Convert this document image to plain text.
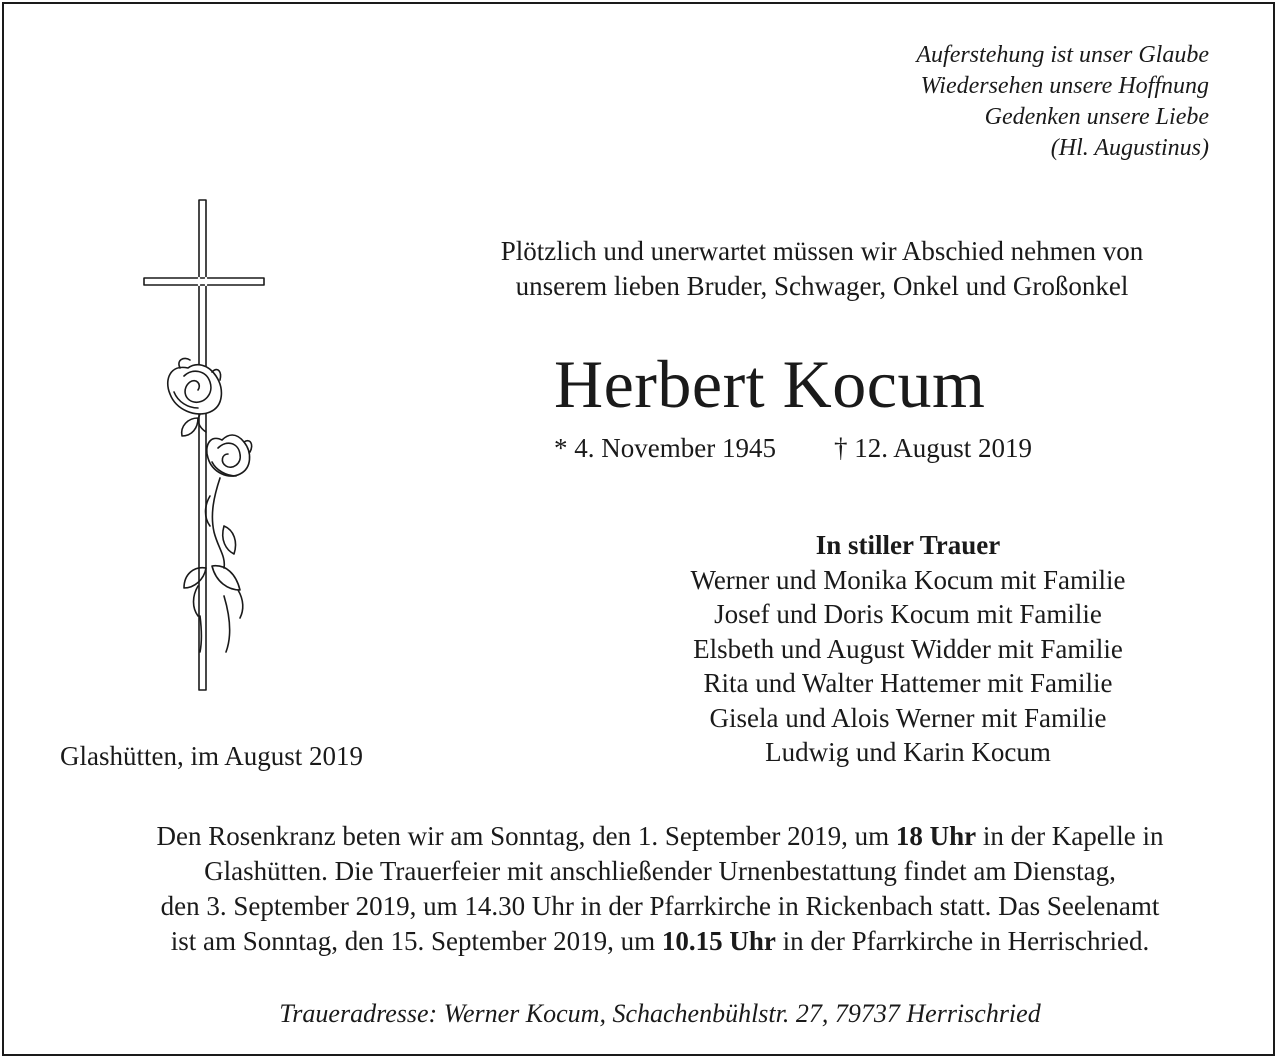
Auferstehung ist unser Glaube
Wiedersehen unsere Hoffnung
Gedenken unsere Liebe
(Hl. Augustinus)
Plötzlich und unerwartet müssen wir Abschied nehmen von
unserem lieben Bruder, Schwager, Onkel und Großonkel
Herbert Kocum
* 4. November 1945 † 12. August 2019
In stiller Trauer
Werner und Monika Kocum mit Familie
Josef und Doris Kocum mit Familie
Elsbeth und August Widder mit Familie
Rita und Walter Hattemer mit Familie
Gisela und Alois Werner mit Familie
Ludwig und Karin Kocum
Glashütten, im August 2019
Den Rosenkranz beten wir am Sonntag, den 1. September 2019, um 18 Uhr in der Kapelle in
Glashütten. Die Trauerfeier mit anschließender Urnenbestattung findet am Dienstag,
den 3. September 2019, um 14.30 Uhr in der Pfarrkirche in Rickenbach statt. Das Seelenamt
ist am Sonntag, den 15. September 2019, um 10.15 Uhr in der Pfarrkirche in Herrischried.
Traueradresse: Werner Kocum, Schachenbühlstr. 27, 79737 Herrischried
